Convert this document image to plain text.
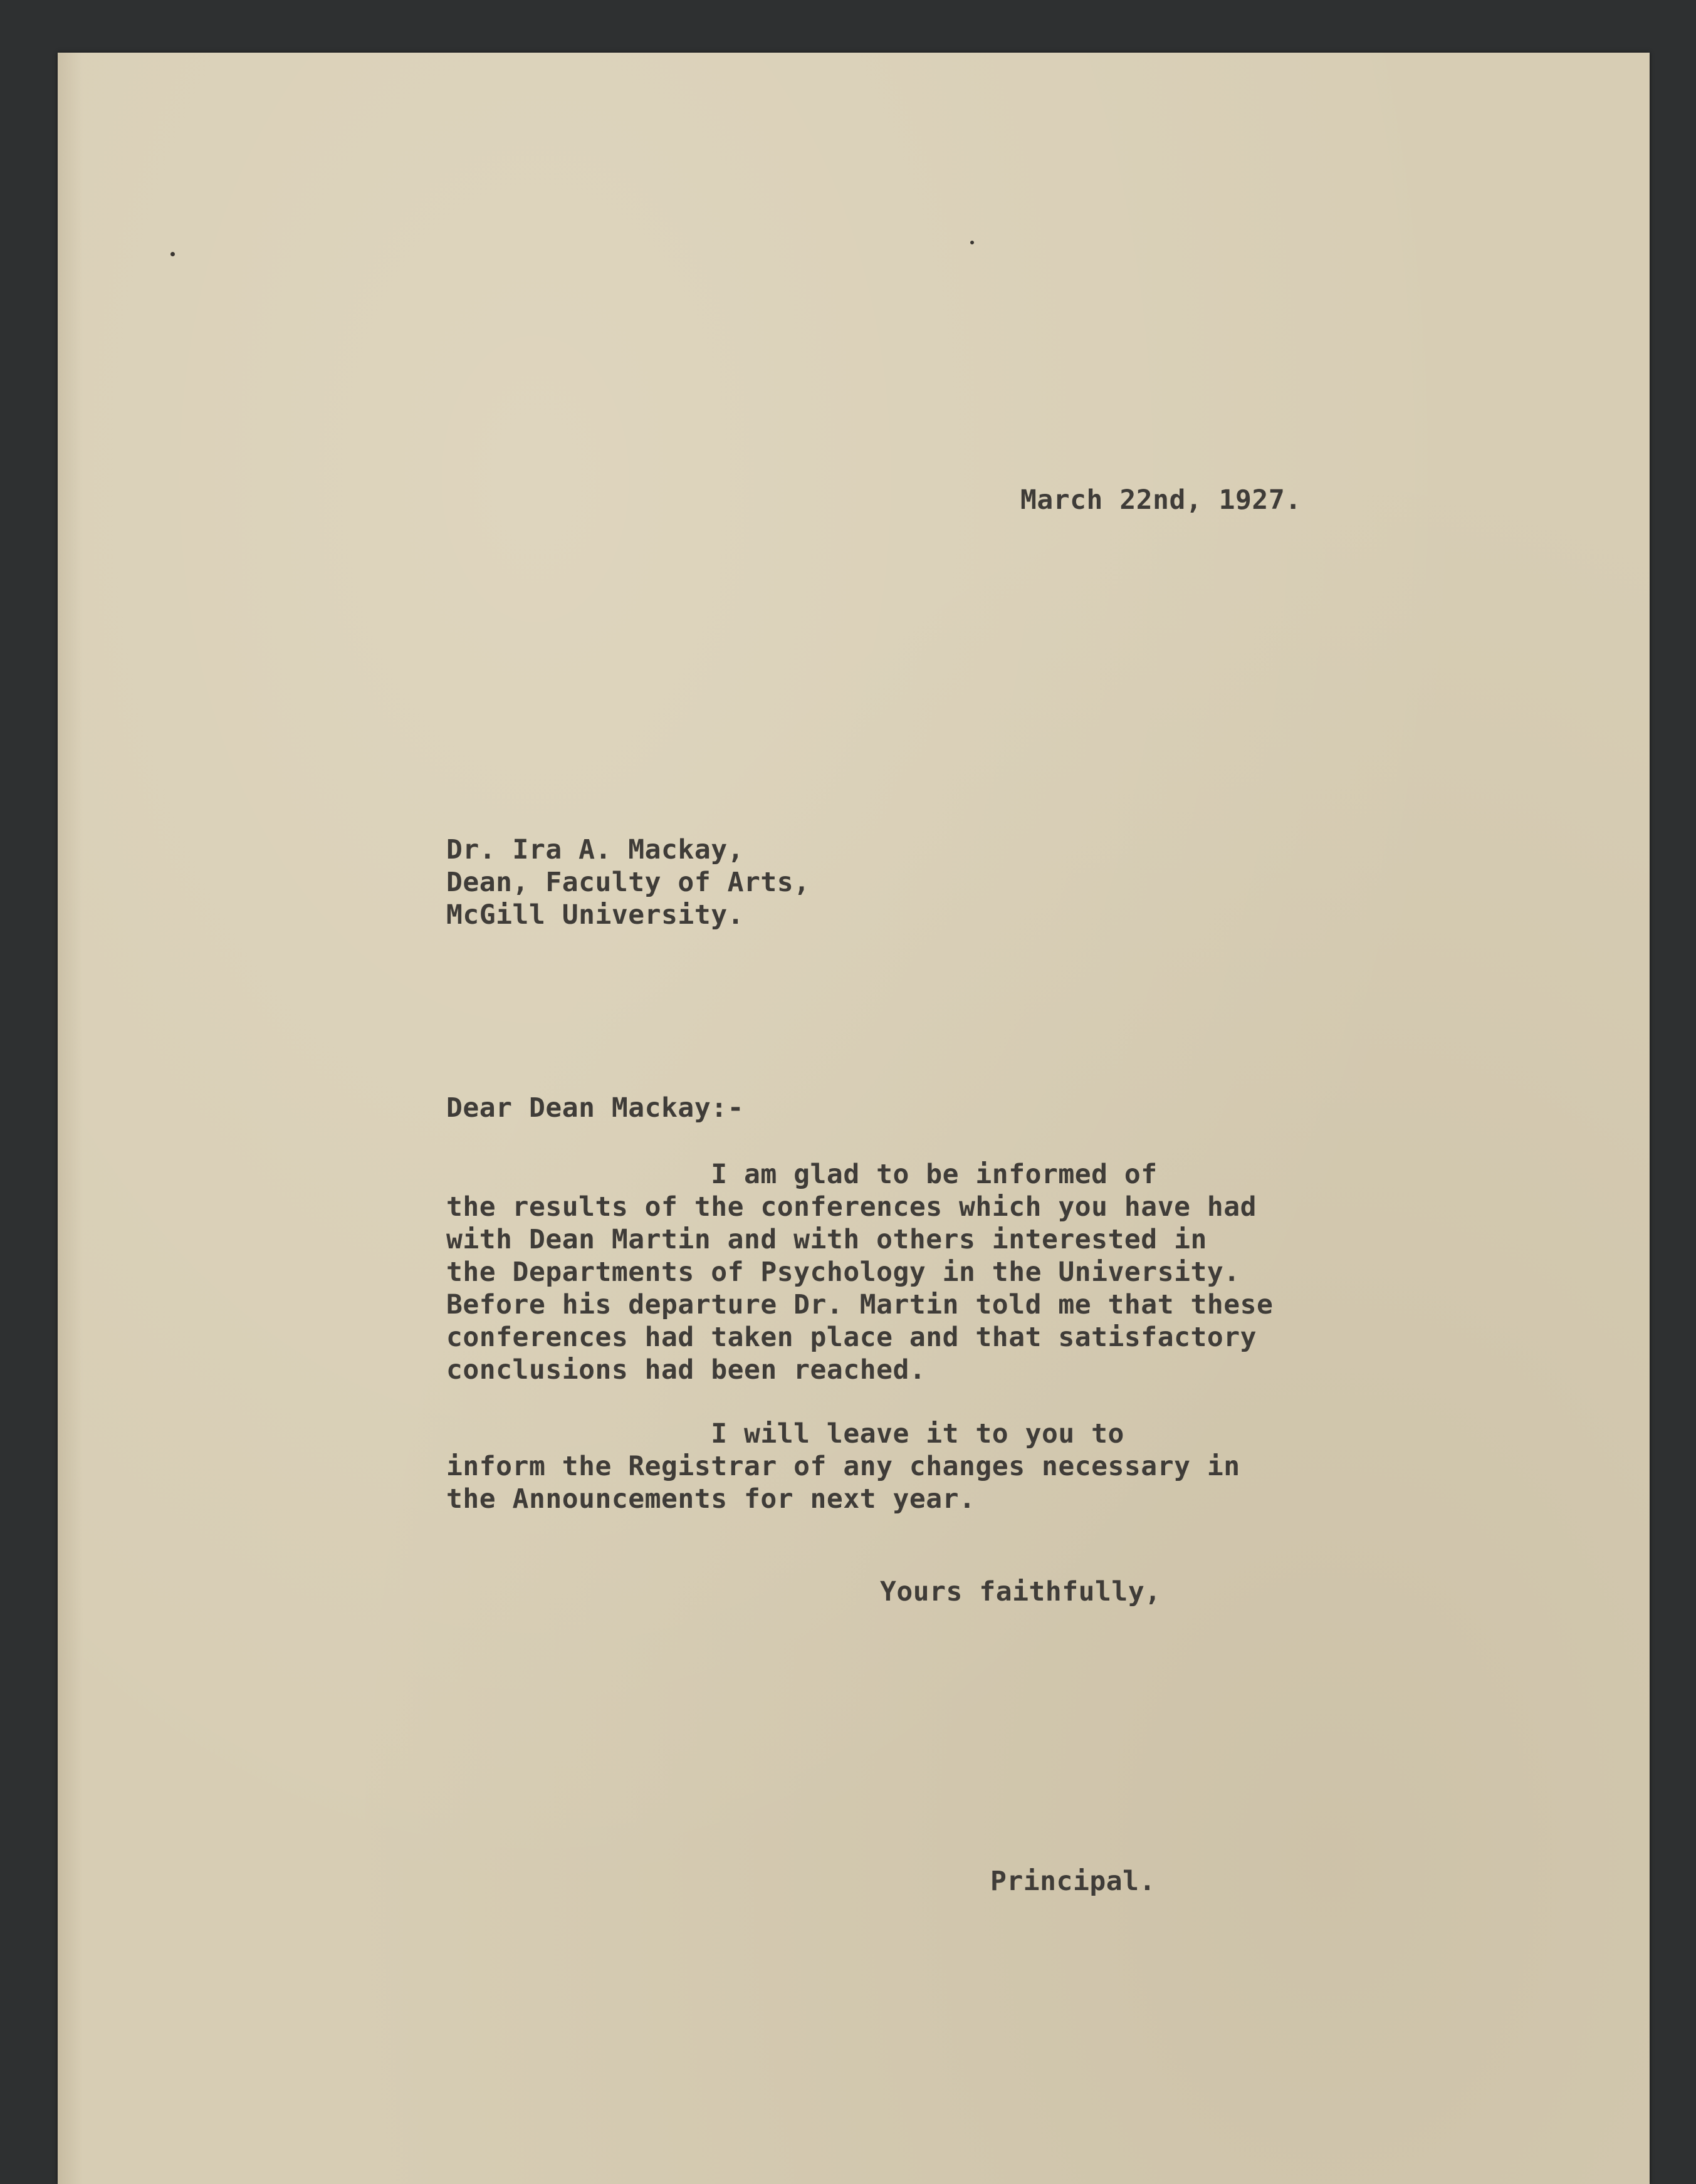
March 22nd, 1927.
Dr. Ira A. Mackay,
Dean, Faculty of Arts,
McGill University.
Dear Dean Mackay:-
I am glad to be informed of
the results of the conferences which you have had
with Dean Martin and with others interested in
the Departments of Psychology in the University.
Before his departure Dr. Martin told me that these
conferences had taken place and that satisfactory
conclusions had been reached.
I will leave it to you to
inform the Registrar of any changes necessary in
the Announcements for next year.
Yours faithfully,
Principal.
